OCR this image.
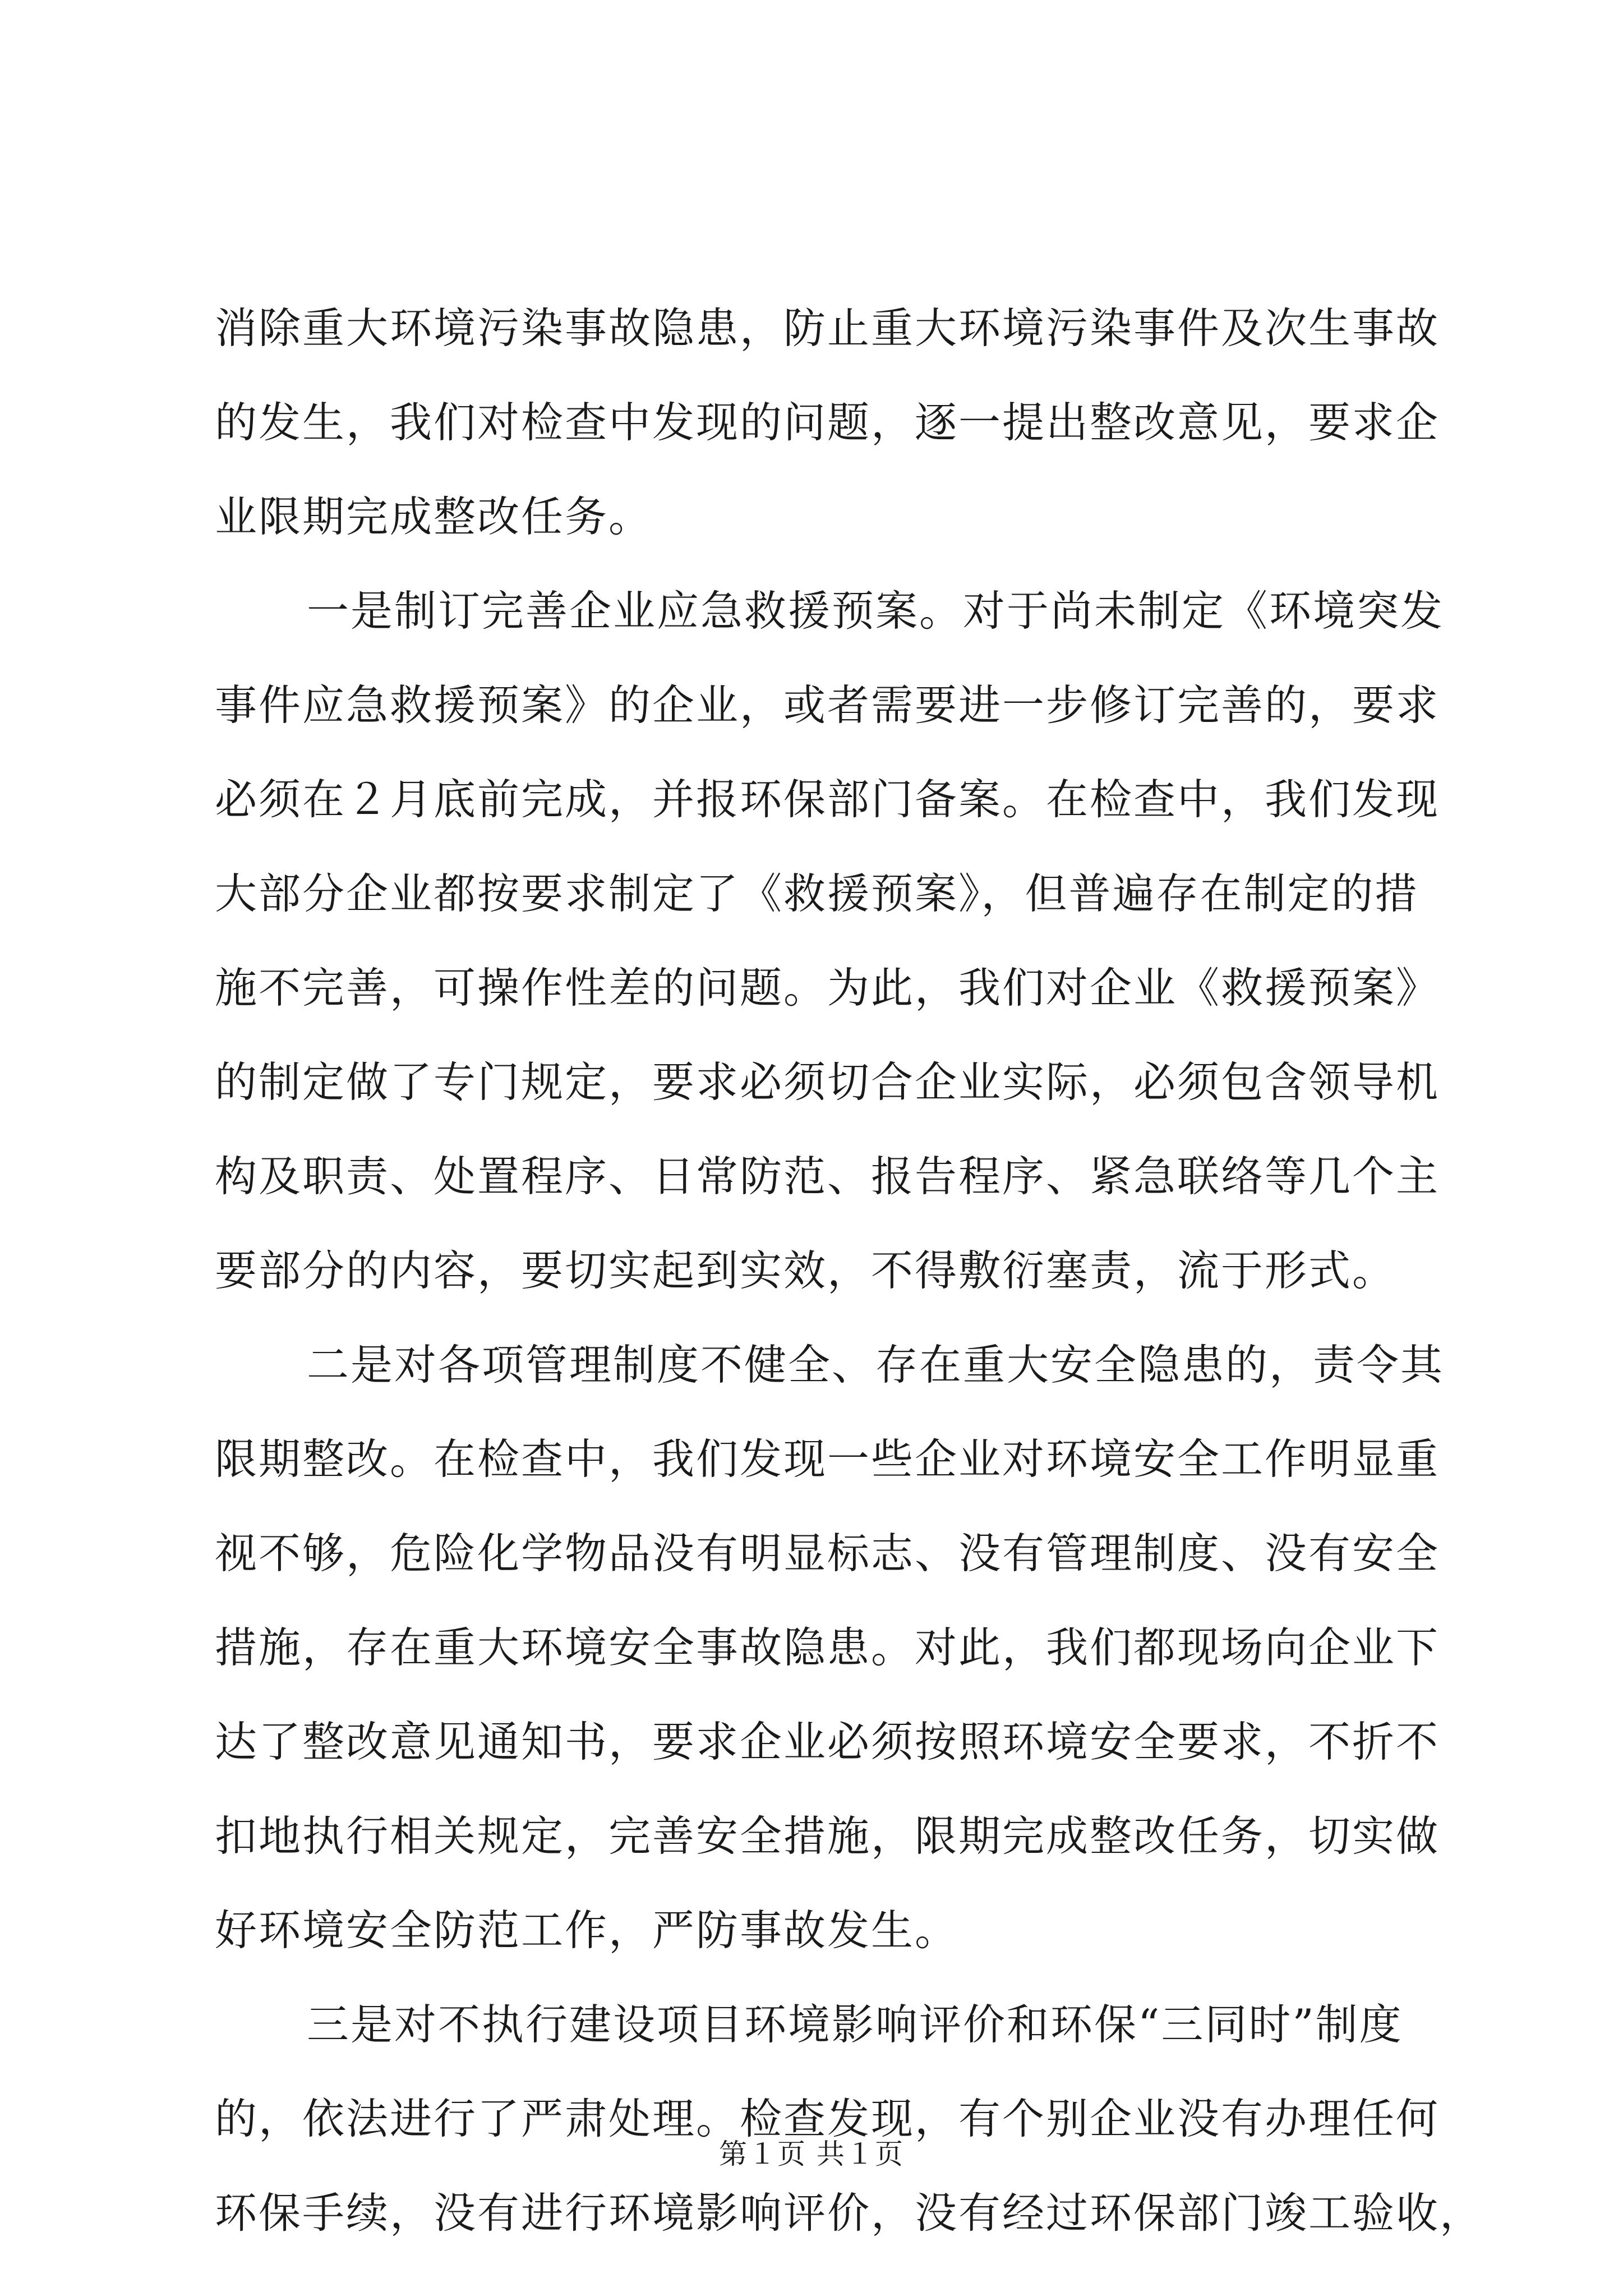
消除重大环境污染事故隐患，防止重大环境污染事件及次生事故
的发生，我们对检查中发现的问题，逐一提出整改意见，要求企
业限期完成整改任务。
一是制订完善企业应急救援预案。对于尚未制定《环境突发
事件应急救援预案》的企业，或者需要进一步修订完善的，要求
必须在２月底前完成，并报环保部门备案。在检查中，我们发现
大部分企业都按要求制定了《救援预案》，但普遍存在制定的措
施不完善，可操作性差的问题。为此，我们对企业《救援预案》
的制定做了专门规定，要求必须切合企业实际，必须包含领导机
构及职责、处置程序、日常防范、报告程序、紧急联络等几个主
要部分的内容，要切实起到实效，不得敷衍塞责，流于形式。
二是对各项管理制度不健全、存在重大安全隐患的，责令其
限期整改。在检查中，我们发现一些企业对环境安全工作明显重
视不够，危险化学物品没有明显标志、没有管理制度、没有安全
措施，存在重大环境安全事故隐患。对此，我们都现场向企业下
达了整改意见通知书，要求企业必须按照环境安全要求，不折不
扣地执行相关规定，完善安全措施，限期完成整改任务，切实做
好环境安全防范工作，严防事故发生。
三是对不执行建设项目环境影响评价和环保“三同时”制度
的，依法进行了严肃处理。检查发现，有个别企业没有办理任何
环保手续，没有进行环境影响评价，没有经过环保部门竣工验收，
第１页 共１页
